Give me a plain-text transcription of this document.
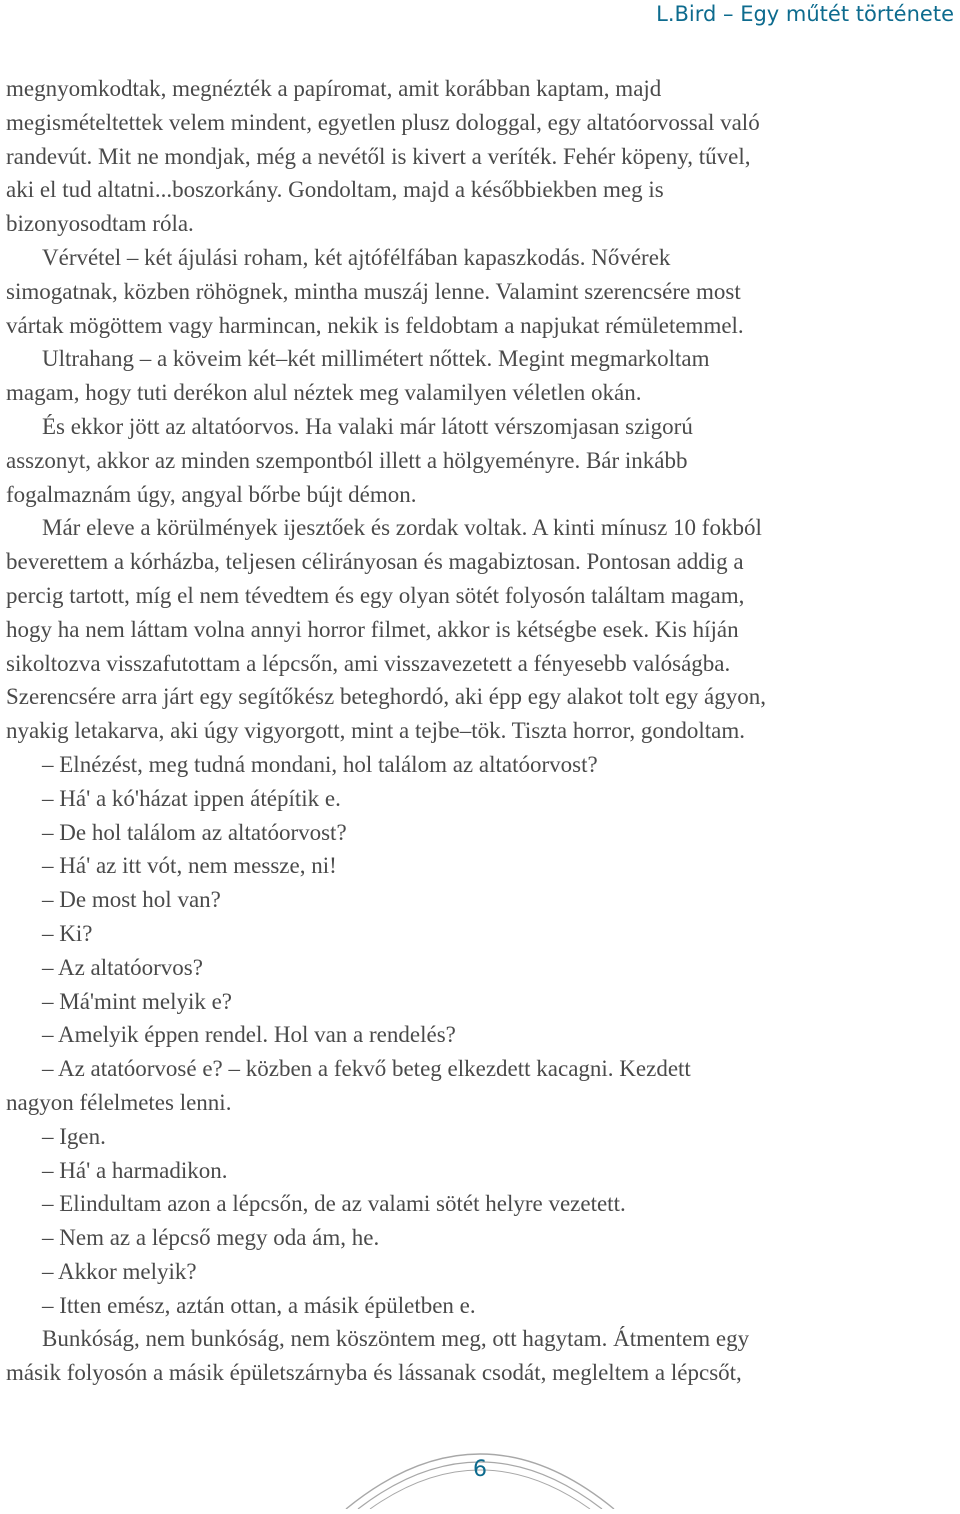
L.Bird – Egy műtét története
megnyomkodtak, megnézték a papíromat, amit korábban kaptam, majd
megismételtettek velem mindent, egyetlen plusz dologgal, egy altatóorvossal való
randevút. Mit ne mondjak, még a nevétől is kivert a veríték. Fehér köpeny, tűvel,
aki el tud altatni...boszorkány. Gondoltam, majd a későbbiekben meg is
bizonyosodtam róla.
Vérvétel – két ájulási roham, két ajtófélfában kapaszkodás. Nővérek
simogatnak, közben röhögnek, mintha muszáj lenne. Valamint szerencsére most
vártak mögöttem vagy harmincan, nekik is feldobtam a napjukat rémületemmel.
Ultrahang – a köveim két–két millimétert nőttek. Megint megmarkoltam
magam, hogy tuti derékon alul néztek meg valamilyen véletlen okán.
És ekkor jött az altatóorvos. Ha valaki már látott vérszomjasan szigorú
asszonyt, akkor az minden szempontból illett a hölgyeményre. Bár inkább
fogalmaznám úgy, angyal bőrbe bújt démon.
Már eleve a körülmények ijesztőek és zordak voltak. A kinti mínusz 10 fokból
beverettem a kórházba, teljesen célirányosan és magabiztosan. Pontosan addig a
percig tartott, míg el nem tévedtem és egy olyan sötét folyosón találtam magam,
hogy ha nem láttam volna annyi horror filmet, akkor is kétségbe esek. Kis híján
sikoltozva visszafutottam a lépcsőn, ami visszavezetett a fényesebb valóságba.
Szerencsére arra járt egy segítőkész beteghordó, aki épp egy alakot tolt egy ágyon,
nyakig letakarva, aki úgy vigyorgott, mint a tejbe–tök. Tiszta horror, gondoltam.
– Elnézést, meg tudná mondani, hol találom az altatóorvost?
– Há' a kó'házat ippen átépítik e.
– De hol találom az altatóorvost?
– Há' az itt vót, nem messze, ni!
– De most hol van?
– Ki?
– Az altatóorvos?
– Má'mint melyik e?
– Amelyik éppen rendel. Hol van a rendelés?
– Az atatóorvosé e? – közben a fekvő beteg elkezdett kacagni. Kezdett
nagyon félelmetes lenni.
– Igen.
– Há' a harmadikon.
– Elindultam azon a lépcsőn, de az valami sötét helyre vezetett.
– Nem az a lépcső megy oda ám, he.
– Akkor melyik?
– Itten emész, aztán ottan, a másik épületben e.
Bunkóság, nem bunkóság, nem köszöntem meg, ott hagytam. Átmentem egy
másik folyosón a másik épületszárnyba és lássanak csodát, megleltem a lépcsőt,
6
